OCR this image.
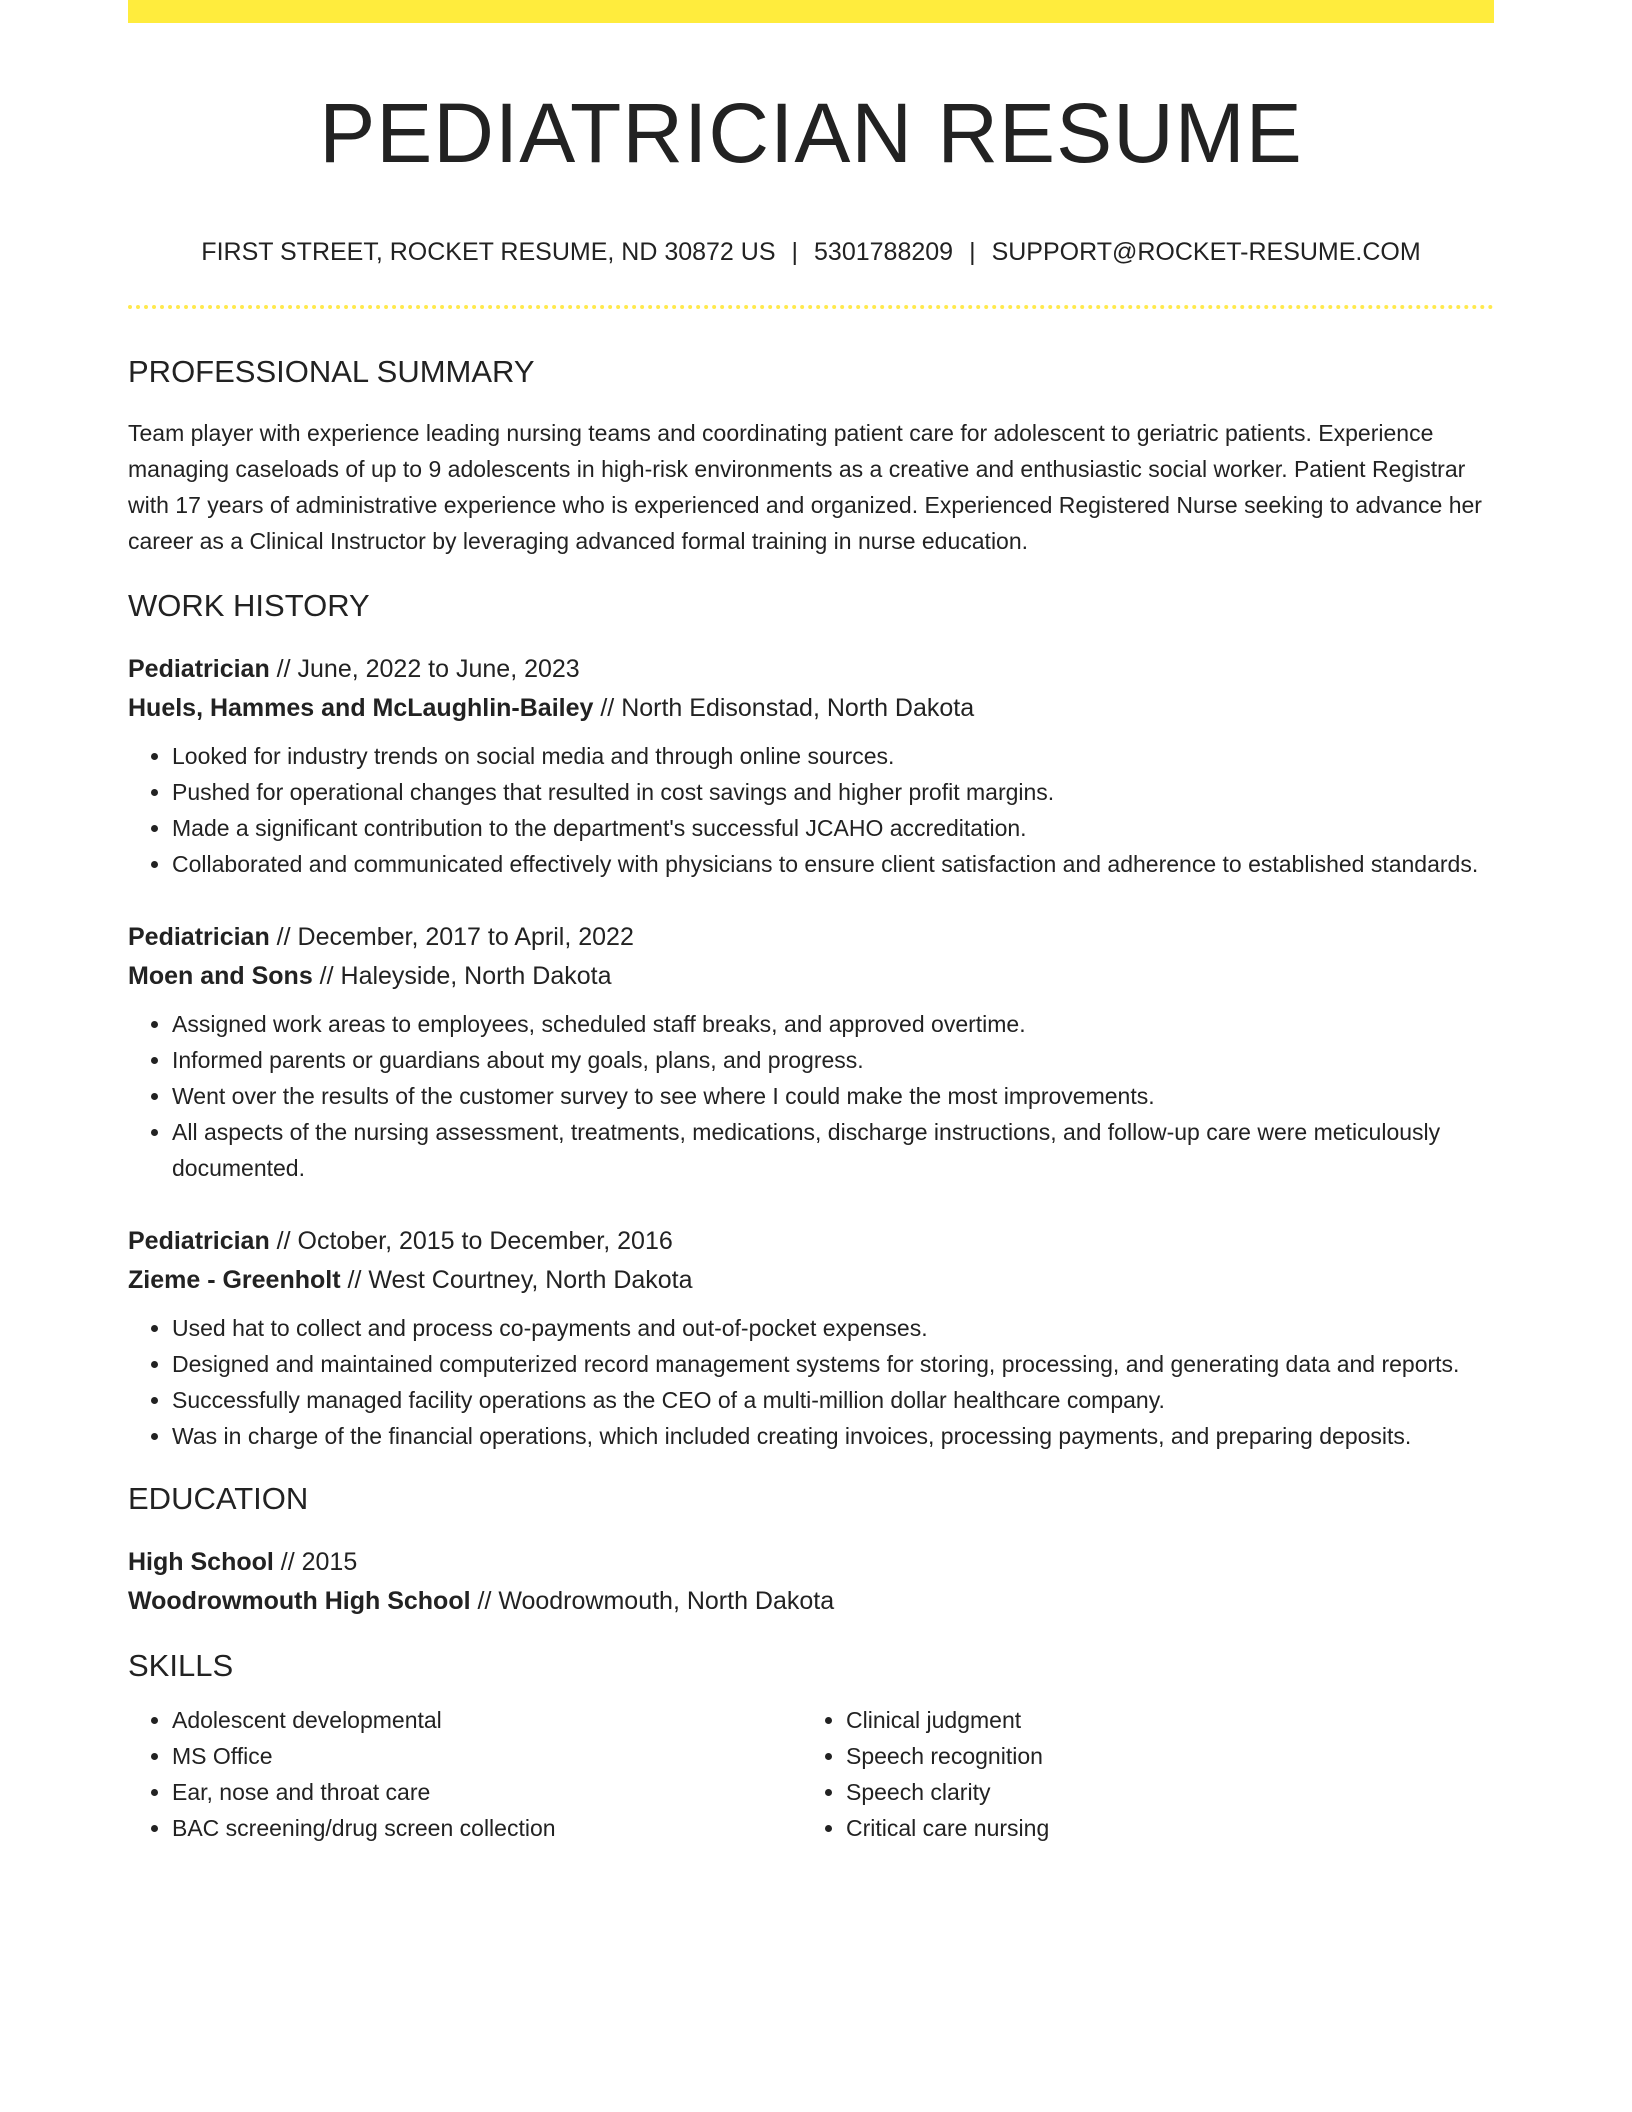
PEDIATRICIAN RESUME
FIRST STREET, ROCKET RESUME, ND 30872 US | 5301788209 | SUPPORT@ROCKET-RESUME.COM
PROFESSIONAL SUMMARY
Team player with experience leading nursing teams and coordinating patient care for adolescent to geriatric patients. Experience managing caseloads of up to 9 adolescents in high-risk environments as a creative and enthusiastic social worker. Patient Registrar with 17 years of administrative experience who is experienced and organized. Experienced Registered Nurse seeking to advance her career as a Clinical Instructor by leveraging advanced formal training in nurse education.
WORK HISTORY
Pediatrician // June, 2022 to June, 2023
Huels, Hammes and McLaughlin-Bailey // North Edisonstad, North Dakota
• Looked for industry trends on social media and through online sources.
• Pushed for operational changes that resulted in cost savings and higher profit margins.
• Made a significant contribution to the department's successful JCAHO accreditation.
• Collaborated and communicated effectively with physicians to ensure client satisfaction and adherence to established standards.
Pediatrician // December, 2017 to April, 2022
Moen and Sons // Haleyside, North Dakota
• Assigned work areas to employees, scheduled staff breaks, and approved overtime.
• Informed parents or guardians about my goals, plans, and progress.
• Went over the results of the customer survey to see where I could make the most improvements.
• All aspects of the nursing assessment, treatments, medications, discharge instructions, and follow-up care were meticulously documented.
Pediatrician // October, 2015 to December, 2016
Zieme - Greenholt // West Courtney, North Dakota
• Used hat to collect and process co-payments and out-of-pocket expenses.
• Designed and maintained computerized record management systems for storing, processing, and generating data and reports.
• Successfully managed facility operations as the CEO of a multi-million dollar healthcare company.
• Was in charge of the financial operations, which included creating invoices, processing payments, and preparing deposits.
EDUCATION
High School // 2015
Woodrowmouth High School // Woodrowmouth, North Dakota
SKILLS
• Adolescent developmental
• MS Office
• Ear, nose and throat care
• BAC screening/drug screen collection
• Clinical judgment
• Speech recognition
• Speech clarity
• Critical care nursing
